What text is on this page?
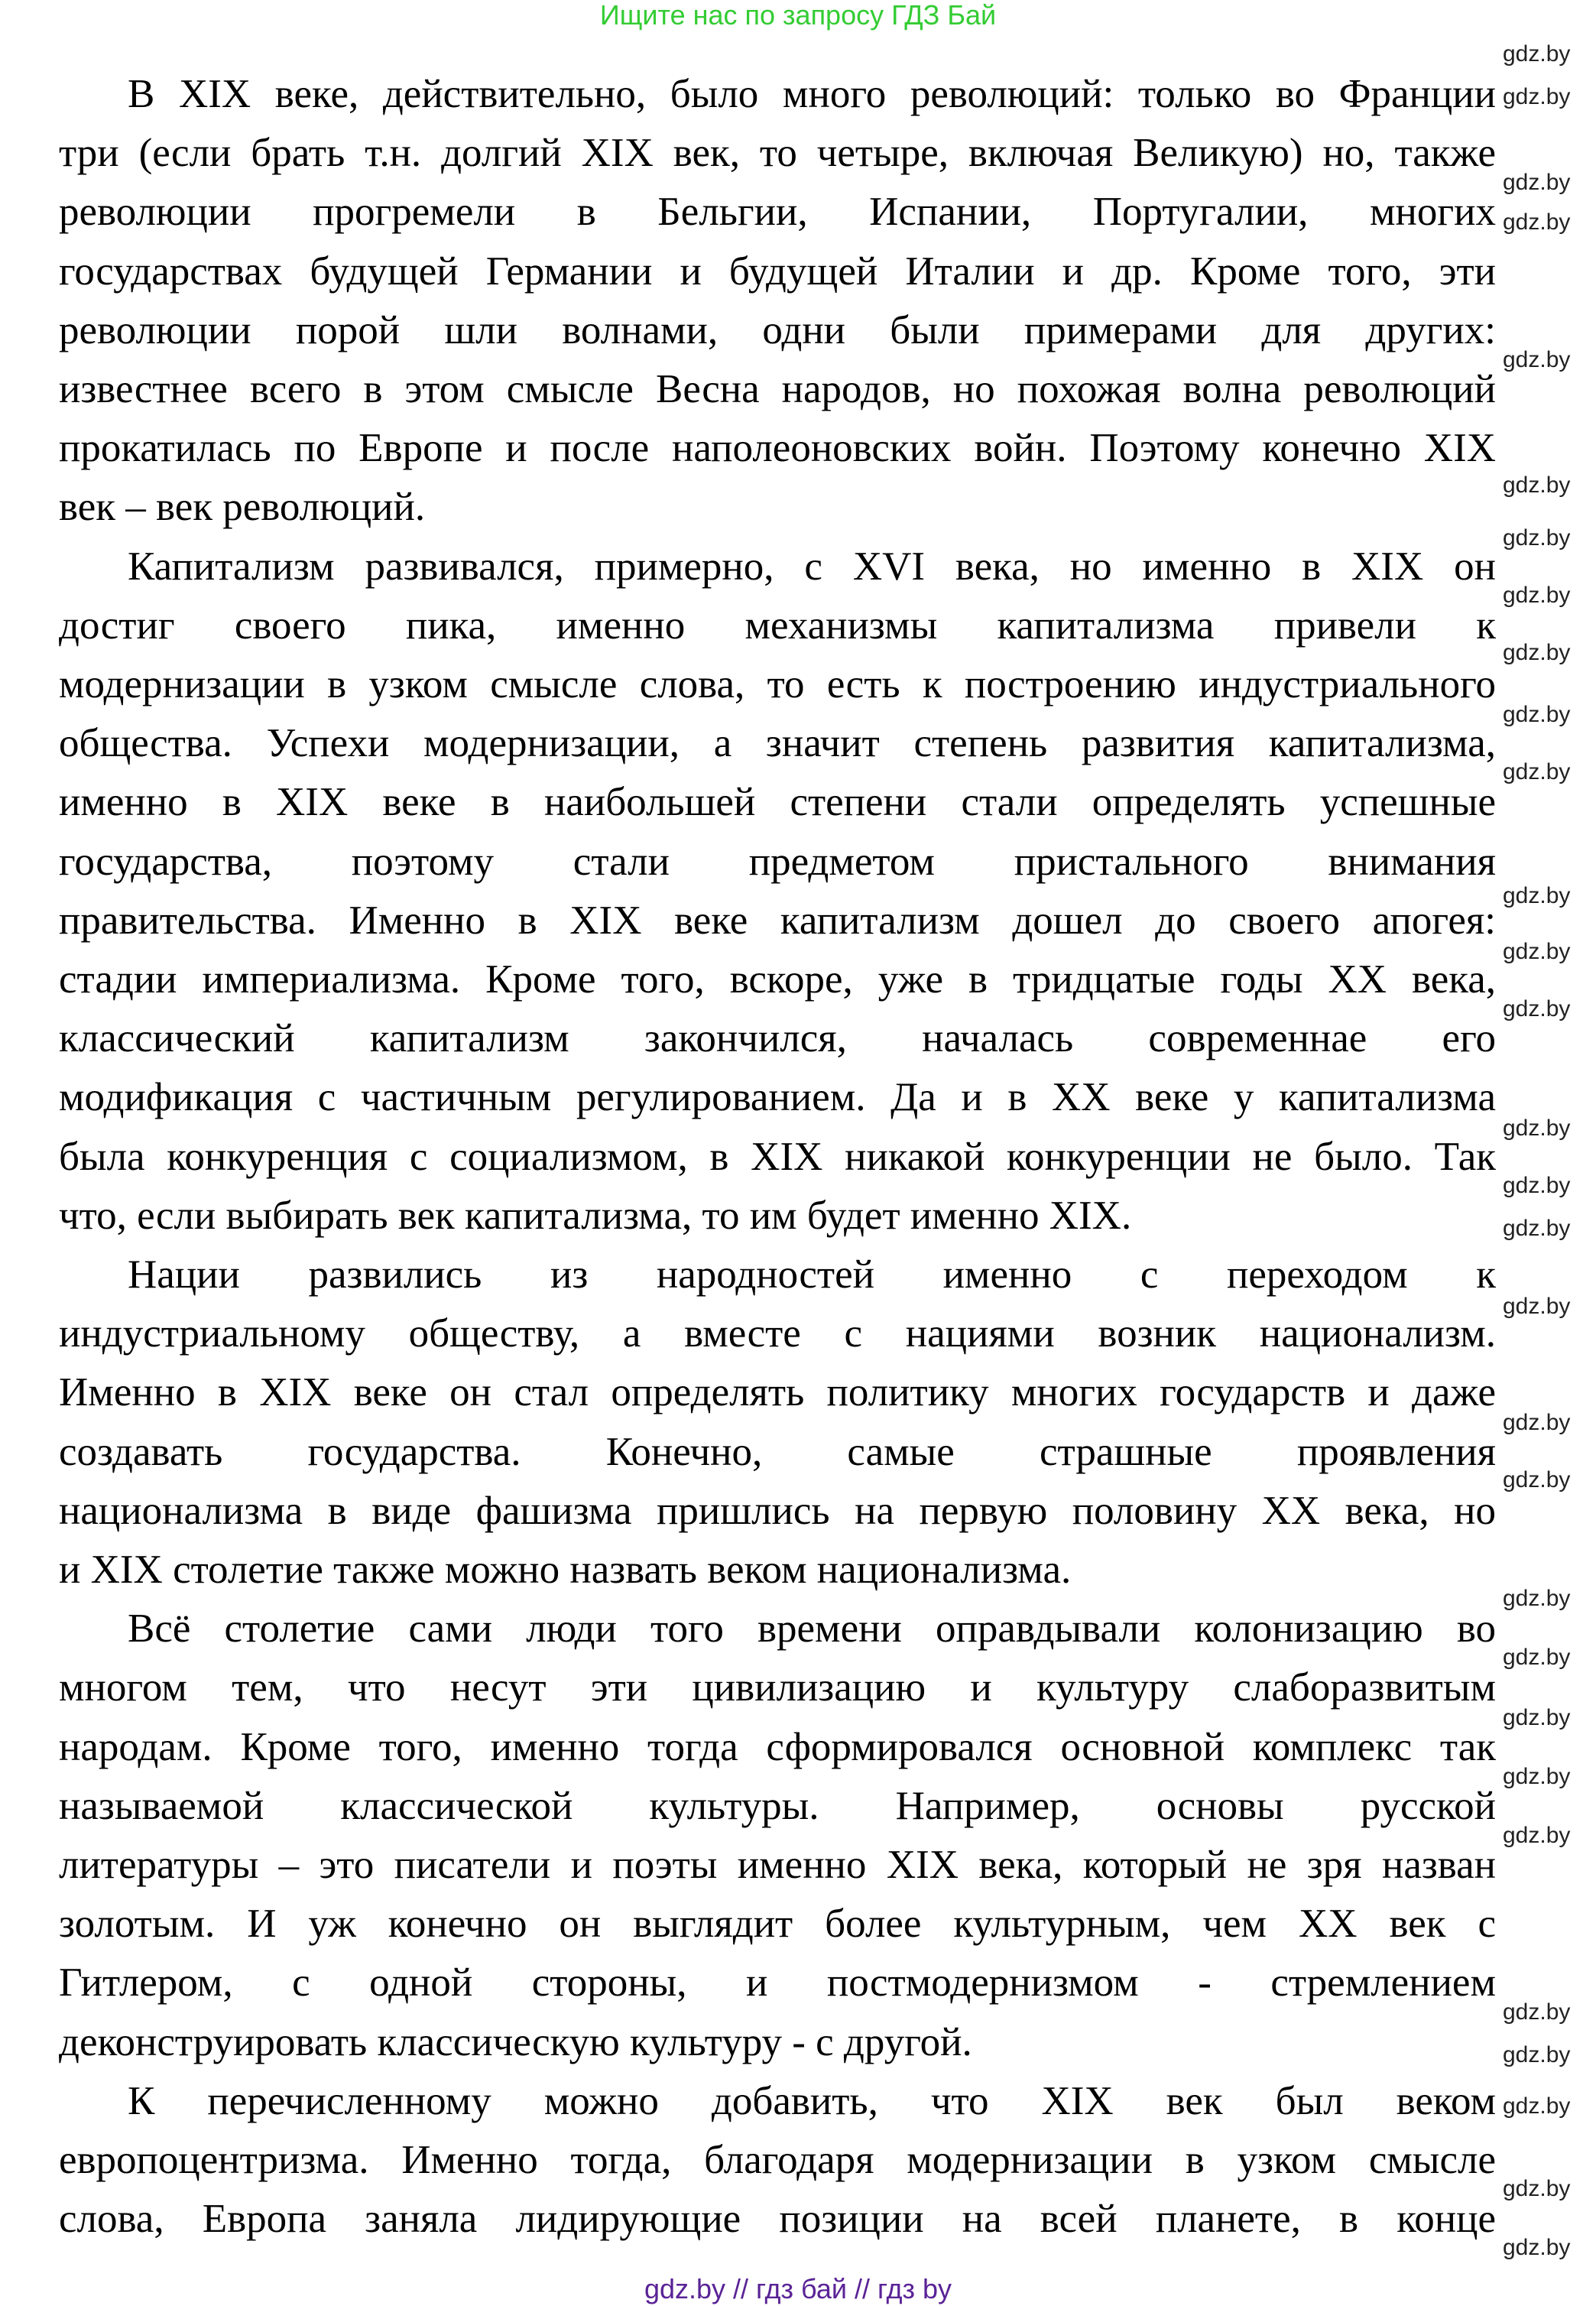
Ищите нас по запросу ГДЗ Бай
В XIX веке, действительно, было много революций: только во Франции
три (если брать т.н. долгий XIX век, то четыре, включая Великую) но, также
революции прогремели в Бельгии, Испании, Португалии, многих
государствах будущей Германии и будущей Италии и др. Кроме того, эти
революции порой шли волнами, одни были примерами для других:
известнее всего в этом смысле Весна народов, но похожая волна революций
прокатилась по Европе и после наполеоновских войн. Поэтому конечно XIX
век – век революций.
Капитализм развивался, примерно, с XVI века, но именно в XIX он
достиг своего пика, именно механизмы капитализма привели к
модернизации в узком смысле слова, то есть к построению индустриального
общества. Успехи модернизации, а значит степень развития капитализма,
именно в XIX веке в наибольшей степени стали определять успешные
государства, поэтому стали предметом пристального внимания
правительства. Именно в XIX веке капитализм дошел до своего апогея:
стадии империализма. Кроме того, вскоре, уже в тридцатые годы XX века,
классический капитализм закончился, началась современнае его
модификация с частичным регулированием. Да и в XX веке у капитализма
была конкуренция с социализмом, в XIX никакой конкуренции не было. Так
что, если выбирать век капитализма, то им будет именно XIX.
Нации развились из народностей именно с переходом к
индустриальному обществу, а вместе с нациями возник национализм.
Именно в XIX веке он стал определять политику многих государств и даже
создавать государства. Конечно, самые страшные проявления
национализма в виде фашизма пришлись на первую половину XX века, но
и XIX столетие также можно назвать веком национализма.
Всё столетие сами люди того времени оправдывали колонизацию во
многом тем, что несут эти цивилизацию и культуру слаборазвитым
народам. Кроме того, именно тогда сформировался основной комплекс так
называемой классической культуры. Например, основы русской
литературы – это писатели и поэты именно XIX века, который не зря назван
золотым. И уж конечно он выглядит более культурным, чем XX век с
Гитлером, с одной стороны, и постмодернизмом - стремлением
деконструировать классическую культуру - с другой.
К перечисленному можно добавить, что XIX век был веком
европоцентризма. Именно тогда, благодаря модернизации в узком смысле
слова, Европа заняла лидирующие позиции на всей планете, в конце
gdz.by
gdz.by
gdz.by
gdz.by
gdz.by
gdz.by
gdz.by
gdz.by
gdz.by
gdz.by
gdz.by
gdz.by
gdz.by
gdz.by
gdz.by
gdz.by
gdz.by
gdz.by
gdz.by
gdz.by
gdz.by
gdz.by
gdz.by
gdz.by
gdz.by
gdz.by
gdz.by
gdz.by
gdz.by
gdz.by
gdz.by // гдз бай // гдз by
